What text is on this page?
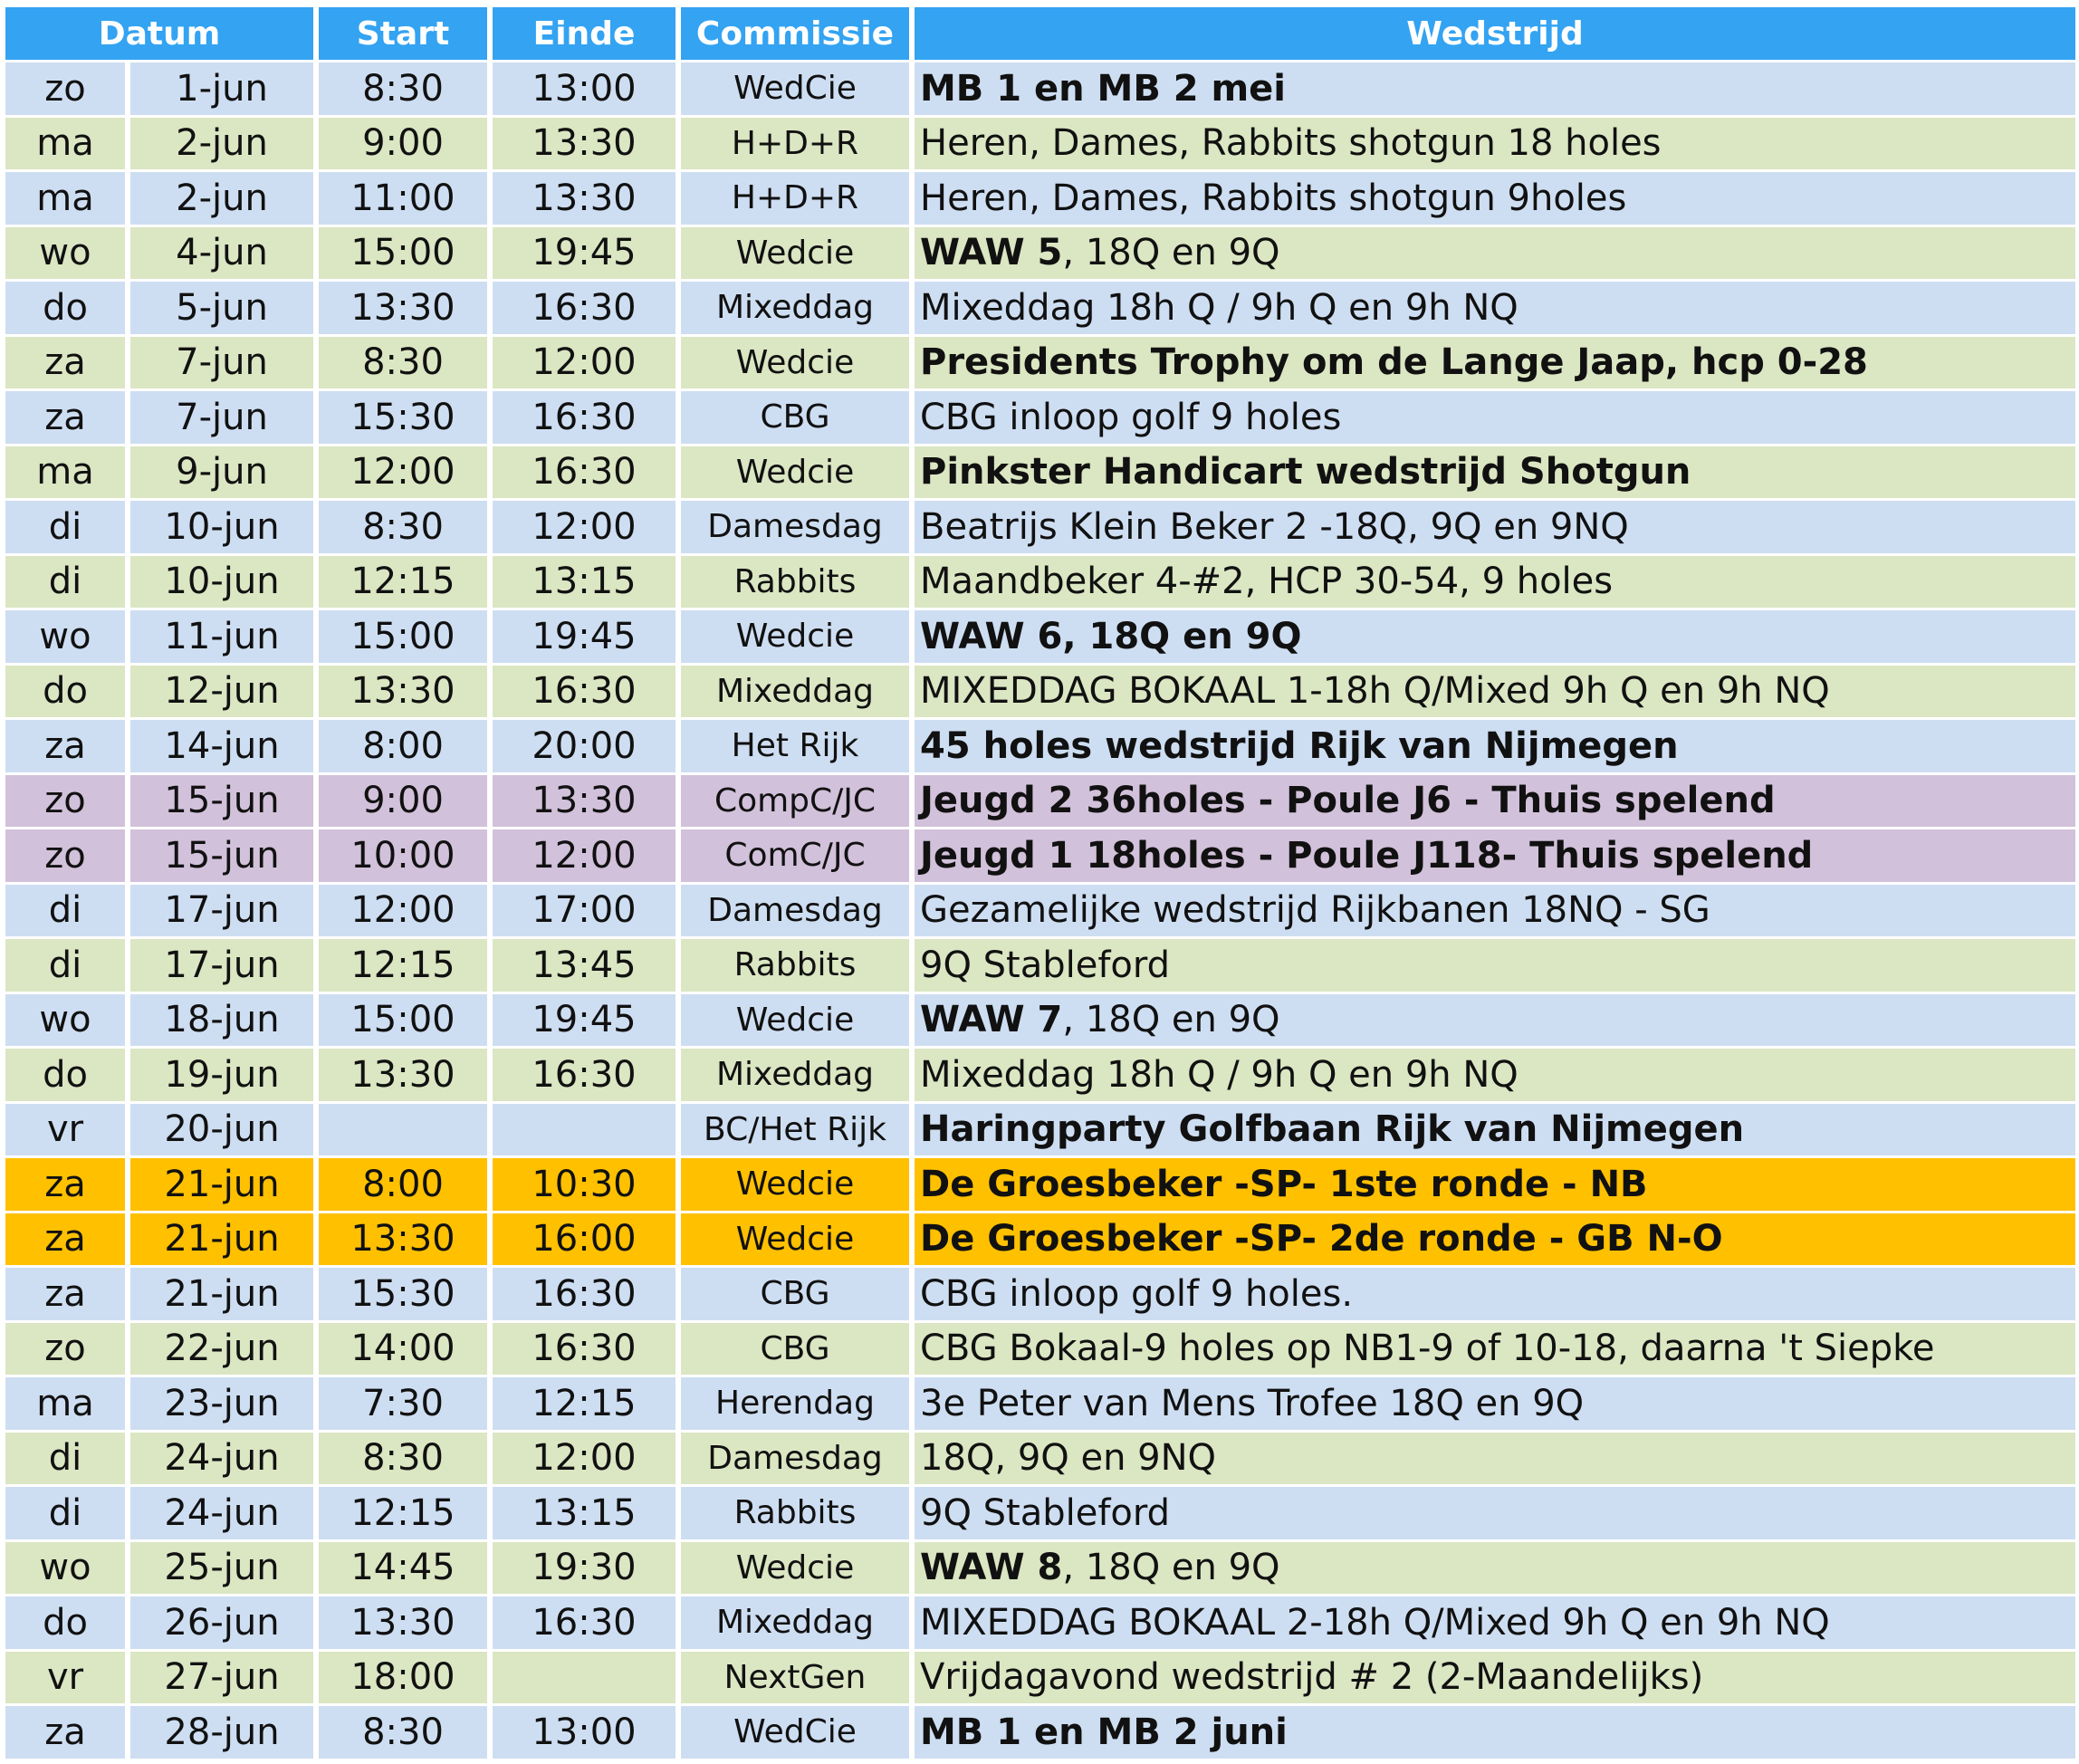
Datum		Start	Einde	Commissie	Wedstrijd
zo	1-jun	8:30	13:00	WedCie	MB 1 en MB 2 mei
ma	2-jun	9:00	13:30	H+D+R	Heren, Dames, Rabbits shotgun 18 holes
ma	2-jun	11:00	13:30	H+D+R	Heren, Dames, Rabbits shotgun 9holes
wo	4-jun	15:00	19:45	Wedcie	WAW 5, 18Q en 9Q
do	5-jun	13:30	16:30	Mixeddag	Mixeddag 18h Q / 9h Q en 9h NQ
za	7-jun	8:30	12:00	Wedcie	Presidents Trophy om de Lange Jaap, hcp 0-28
za	7-jun	15:30	16:30	CBG	CBG inloop golf 9 holes
ma	9-jun	12:00	16:30	Wedcie	Pinkster Handicart wedstrijd Shotgun
di	10-jun	8:30	12:00	Damesdag	Beatrijs Klein Beker 2 -18Q, 9Q en 9NQ
di	10-jun	12:15	13:15	Rabbits	Maandbeker 4-#2, HCP 30-54, 9 holes
wo	11-jun	15:00	19:45	Wedcie	WAW 6, 18Q en 9Q
do	12-jun	13:30	16:30	Mixeddag	MIXEDDAG BOKAAL 1-18h Q/Mixed 9h Q en 9h NQ
za	14-jun	8:00	20:00	Het Rijk	45 holes wedstrijd Rijk van Nijmegen
zo	15-jun	9:00	13:30	CompC/JC	Jeugd 2 36holes - Poule J6 - Thuis spelend
zo	15-jun	10:00	12:00	ComC/JC	Jeugd 1 18holes - Poule J118- Thuis spelend
di	17-jun	12:00	17:00	Damesdag	Gezamelijke wedstrijd Rijkbanen 18NQ - SG
di	17-jun	12:15	13:45	Rabbits	9Q Stableford
wo	18-jun	15:00	19:45	Wedcie	WAW 7, 18Q en 9Q
do	19-jun	13:30	16:30	Mixeddag	Mixeddag 18h Q / 9h Q en 9h NQ
vr	20-jun			BC/Het Rijk	Haringparty Golfbaan Rijk van Nijmegen
za	21-jun	8:00	10:30	Wedcie	De Groesbeker -SP- 1ste ronde - NB
za	21-jun	13:30	16:00	Wedcie	De Groesbeker -SP- 2de ronde - GB N-O
za	21-jun	15:30	16:30	CBG	CBG inloop golf 9 holes.
zo	22-jun	14:00	16:30	CBG	CBG Bokaal-9 holes op NB1-9 of 10-18, daarna 't Siepke
ma	23-jun	7:30	12:15	Herendag	3e Peter van Mens Trofee 18Q en 9Q
di	24-jun	8:30	12:00	Damesdag	18Q, 9Q en 9NQ
di	24-jun	12:15	13:15	Rabbits	9Q Stableford
wo	25-jun	14:45	19:30	Wedcie	WAW 8, 18Q en 9Q
do	26-jun	13:30	16:30	Mixeddag	MIXEDDAG BOKAAL 2-18h Q/Mixed 9h Q en 9h NQ
vr	27-jun	18:00		NextGen	Vrijdagavond wedstrijd # 2 (2-Maandelijks)
za	28-jun	8:30	13:00	WedCie	MB 1 en MB 2 juni
